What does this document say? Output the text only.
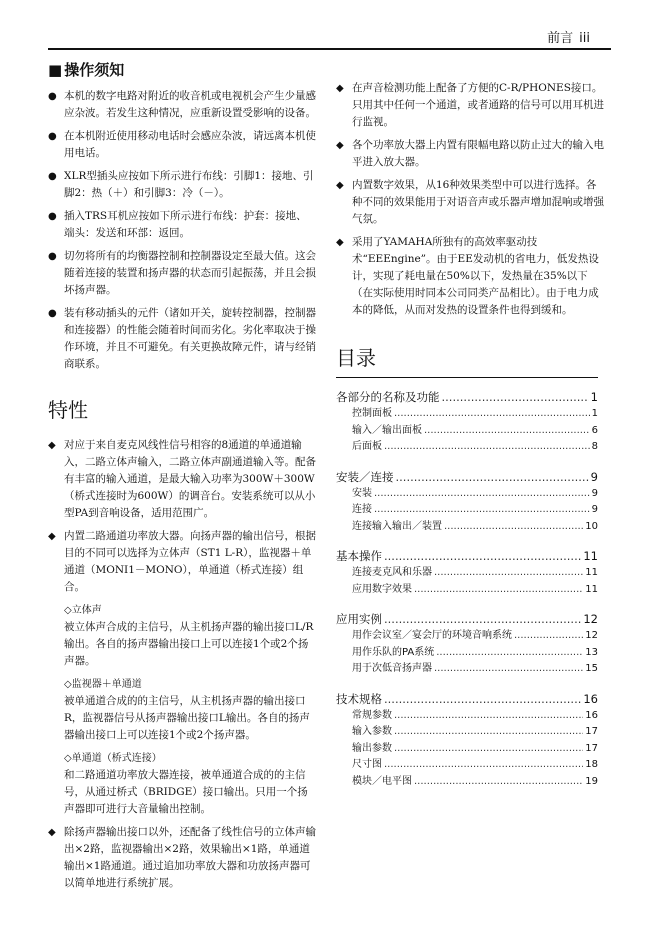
前言 iii
■ 操作须知
● 本机的数字电路对附近的收音机或电视机会产生少量感应杂波。若发生这种情况，应重新设置受影响的设备。
● 在本机附近使用移动电话时会感应杂波，请远离本机使用电话。
● XLR型插头应按如下所示进行布线：引脚1：接地、引脚2：热（＋）和引脚3：冷（－）。
● 插入TRS耳机应按如下所示进行布线：护套：接地、端头：发送和环部：返回。
● 切勿将所有的均衡器控制和控制器设定至最大值。这会随着连接的装置和扬声器的状态而引起振荡，并且会损坏扬声器。
● 装有移动插头的元件（诸如开关，旋转控制器，控制器和连接器）的性能会随着时间而劣化。劣化率取决于操作环境，并且不可避免。有关更换故障元件，请与经销商联系。
特性
◆ 对应于来自麦克风线性信号相容的8通道的单通道输入，二路立体声输入，二路立体声副通道输入等。配备有丰富的输入通道，是最大输入功率为300W＋300W（桥式连接时为600W）的调音台。安装系统可以从小型PA到音响设备，适用范围广。
◆ 内置二路通道功率放大器。向扬声器的输出信号，根据目的不同可以选择为立体声（ST1 L-R），监视器＋单通道（MONI1－MONO），单通道（桥式连接）组合。
◇立体声
被立体声合成的主信号，从主机扬声器的输出接口L/R输出。各自的扬声器输出接口上可以连接1个或2个扬声器。
◇监视器＋单通道
被单通道合成的的主信号，从主机扬声器的输出接口R，监视器信号从扬声器输出接口L输出。各自的扬声器输出接口上可以连接1个或2个扬声器。
◇单通道（桥式连接）
和二路通道功率放大器连接，被单通道合成的的主信号，从通过桥式（BRIDGE）接口输出。只用一个扬声器即可进行大音量输出控制。
◆ 除扬声器输出接口以外，还配备了线性信号的立体声输出×2路，监视器输出×2路，效果输出×1路，单通道输出×1路通道。通过追加功率放大器和功放扬声器可以简单地进行系统扩展。
◆ 在声音检测功能上配备了方便的C-R/PHONES接口。只用其中任何一个通道，或者通路的信号可以用耳机进行监视。
◆ 各个功率放大器上内置有限幅电路以防止过大的输入电平进入放大器。
◆ 内置数字效果，从16种效果类型中可以进行选择。各种不同的效果能用于对语音声或乐器声增加混响或增强气氛。
◆ 采用了YAMAHA所独有的高效率驱动技术“EEEngine”。由于EE发动机的省电力，低发热设计，实现了耗电量在50%以下，发热量在35%以下（在实际使用时同本公司同类产品相比）。由于电力成本的降低，从而对发热的设置条件也得到缓和。
目录
各部分的名称及功能 .....	1
控制面板 .....	1
输入／输出面板 .....	6
后面板 .....	8
安装／连接 .....	9
安装 .....	9
连接 .....	9
连接输入输出／装置 .....	10
基本操作 .....	11
连接麦克风和乐器 .....	11
应用数字效果 .....	11
应用实例 .....	12
用作会议室／宴会厅的环境音响系统 .....	12
用作乐队的PA系统 .....	13
用于次低音扬声器 .....	15
技术规格 .....	16
常规参数 .....	16
输入参数 .....	17
输出参数 .....	17
尺寸图 .....	18
模块／电平图 .....	19
